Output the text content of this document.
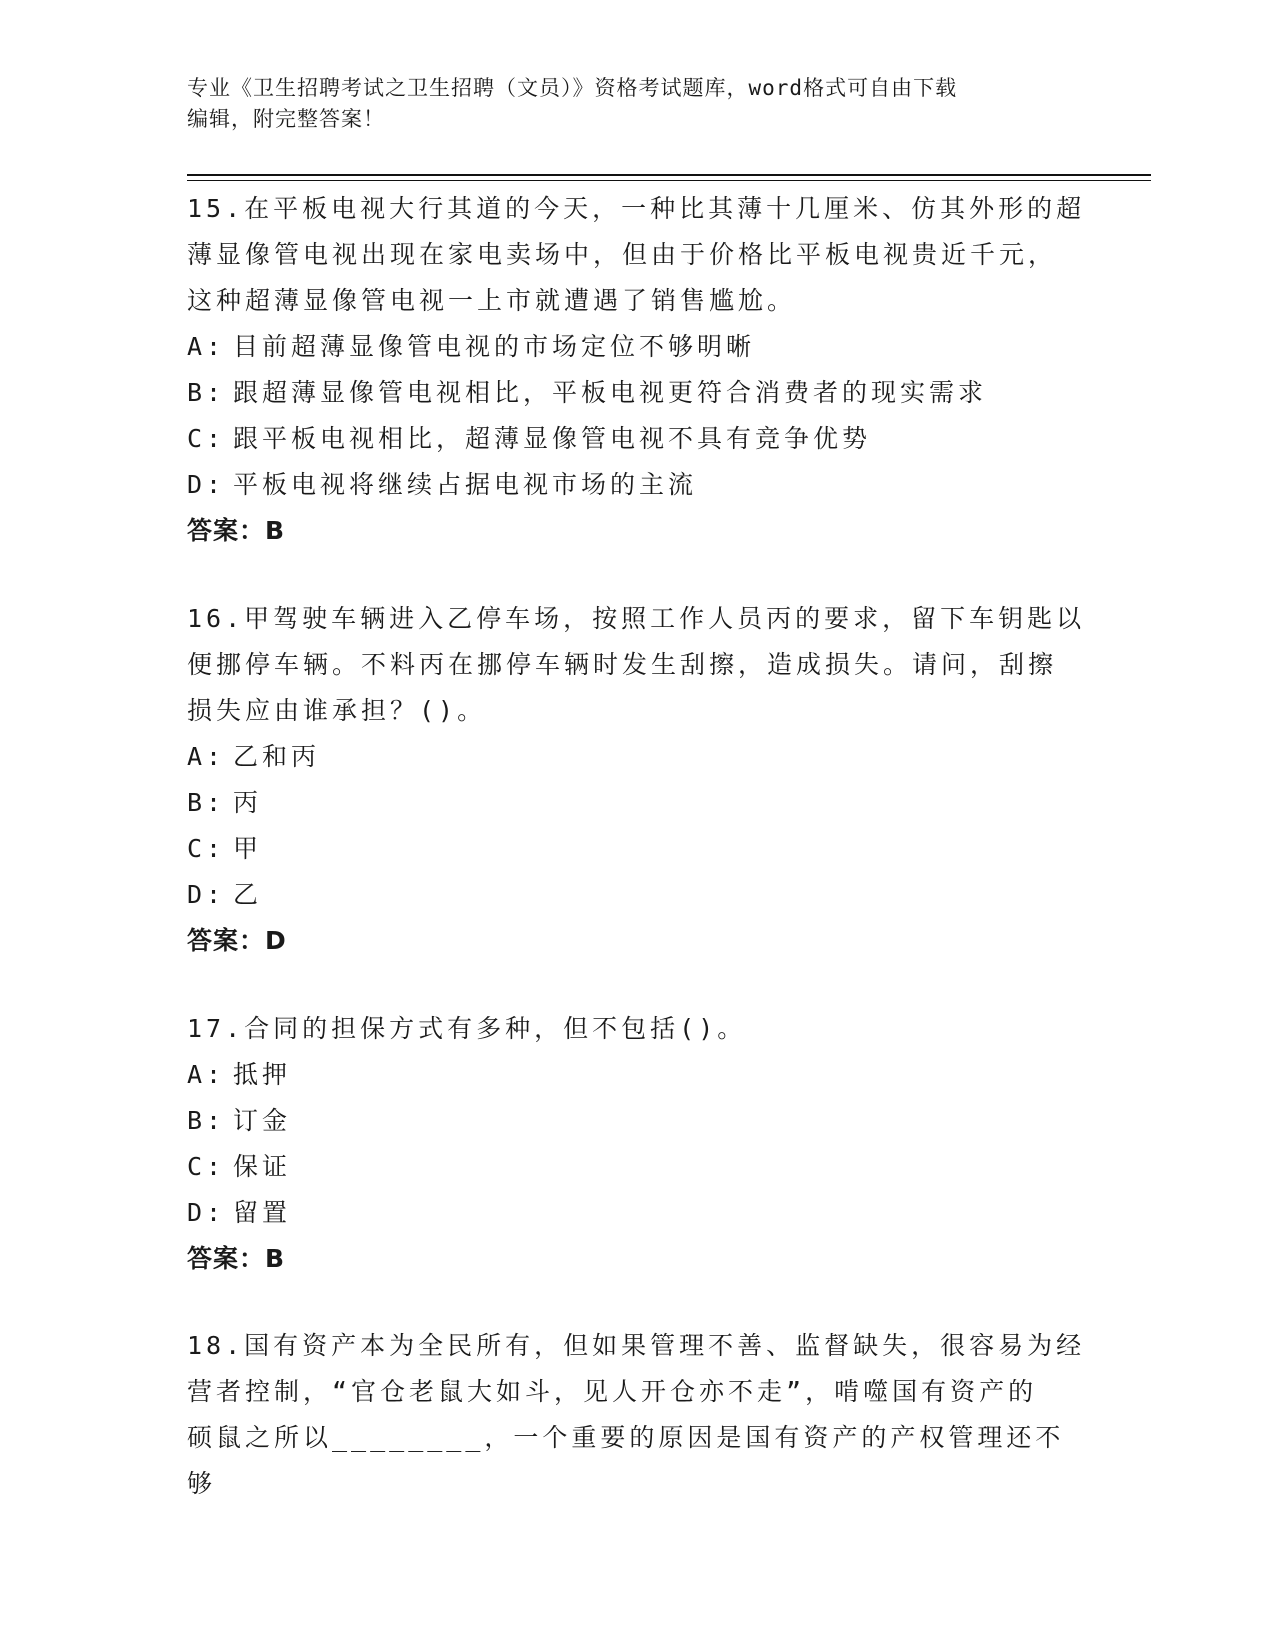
专业《卫生招聘考试之卫生招聘（文员）》资格考试题库，word格式可自由下载
编辑，附完整答案！

15.在平板电视大行其道的今天，一种比其薄十几厘米、仿其外形的超

薄显像管电视出现在家电卖场中，但由于价格比平板电视贵近千元，

这种超薄显像管电视一上市就遭遇了销售尴尬。

A: 目前超薄显像管电视的市场定位不够明晰

B: 跟超薄显像管电视相比，平板电视更符合消费者的现实需求

C: 跟平板电视相比，超薄显像管电视不具有竞争优势

D: 平板电视将继续占据电视市场的主流

答案：B

16.甲驾驶车辆进入乙停车场，按照工作人员丙的要求，留下车钥匙以

便挪停车辆。不料丙在挪停车辆时发生刮擦，造成损失。请问，刮擦

损失应由谁承担？()。

A: 乙和丙

B: 丙

C: 甲

D: 乙

答案：D

17.合同的担保方式有多种，但不包括()。

A: 抵押

B: 订金

C: 保证

D: 留置

答案：B

18.国有资产本为全民所有，但如果管理不善、监督缺失，很容易为经

营者控制，“官仓老鼠大如斗，见人开仓亦不走”，啃噬国有资产的

硕鼠之所以________，一个重要的原因是国有资产的产权管理还不够
